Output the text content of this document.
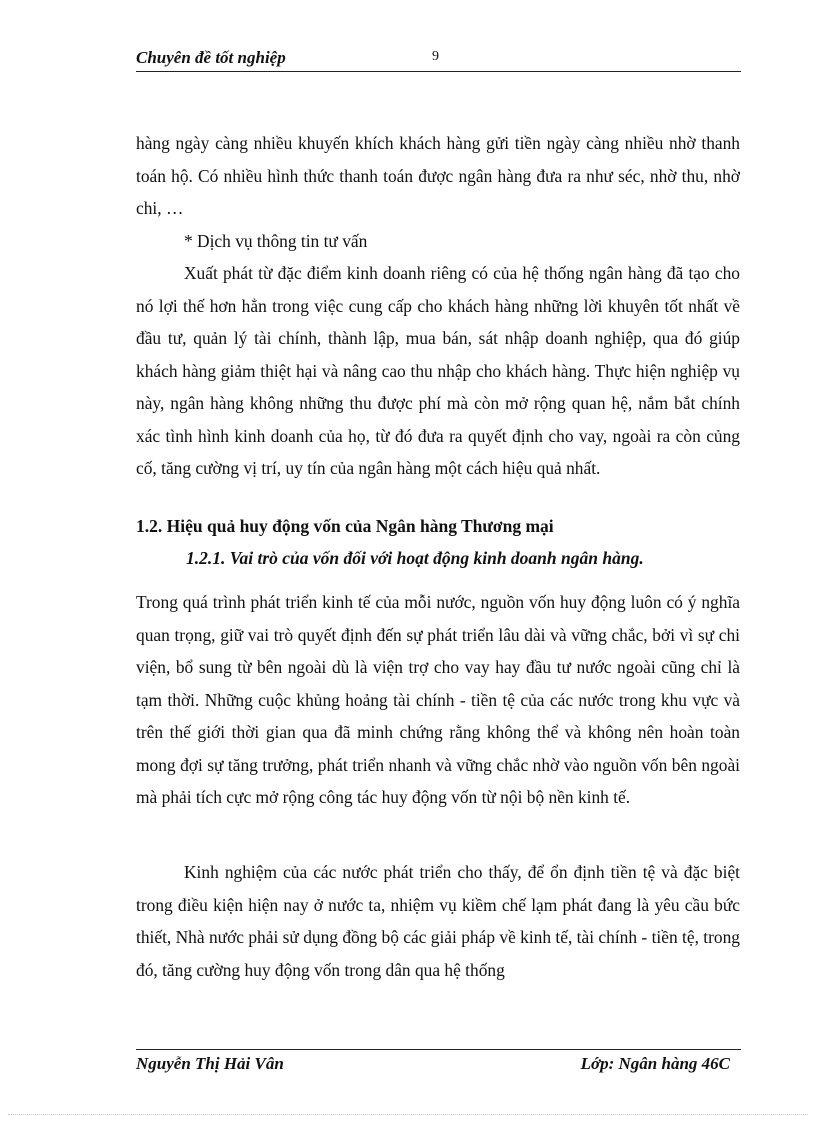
Chuyên đề tốt nghiệp	9

hàng ngày càng nhiều khuyến khích khách hàng gửi tiền ngày càng nhiều nhờ thanh toán hộ. Có nhiều hình thức thanh toán được ngân hàng đưa ra như séc, nhờ thu, nhờ chi, …

* Dịch vụ thông tin tư vấn

Xuất phát từ đặc điểm kinh doanh riêng có của hệ thống ngân hàng đã tạo cho nó lợi thế hơn hẳn trong việc cung cấp cho khách hàng những lời khuyên tốt nhất về đầu tư, quản lý tài chính, thành lập, mua bán, sát nhập doanh nghiệp, qua đó giúp khách hàng giảm thiệt hại và nâng cao thu nhập cho khách hàng. Thực hiện nghiệp vụ này, ngân hàng không những thu được phí mà còn mở rộng quan hệ, nắm bắt chính xác tình hình kinh doanh của họ, từ đó đưa ra quyết định cho vay, ngoài ra còn củng cố, tăng cường vị trí, uy tín của ngân hàng một cách hiệu quả nhất.

1.2. Hiệu quả huy động vốn của Ngân hàng Thương mại
1.2.1. Vai trò của vốn đối với hoạt động kinh doanh ngân hàng.

Trong quá trình phát triển kinh tế của mỗi nước, nguồn vốn huy động luôn có ý nghĩa quan trọng, giữ vai trò quyết định đến sự phát triển lâu dài và vững chắc, bởi vì sự chi viện, bổ sung từ bên ngoài dù là viện trợ cho vay hay đầu tư nước ngoài cũng chỉ là tạm thời. Những cuộc khủng hoảng tài chính - tiền tệ của các nước trong khu vực và trên thế giới thời gian qua đã minh chứng rằng không thể và không nên hoàn toàn mong đợi sự tăng trưởng, phát triển nhanh và vững chắc nhờ vào nguồn vốn bên ngoài mà phải tích cực mở rộng công tác huy động vốn từ nội bộ nền kinh tế.

Kinh nghiệm của các nước phát triển cho thấy, để ổn định tiền tệ và đặc biệt trong điều kiện hiện nay ở nước ta, nhiệm vụ kiềm chế lạm phát đang là yêu cầu bức thiết, Nhà nước phải sử dụng đồng bộ các giải pháp về kinh tế, tài chính - tiền tệ, trong đó, tăng cường huy động vốn trong dân qua hệ thống

Nguyễn Thị Hải Vân	Lớp: Ngân hàng 46C
